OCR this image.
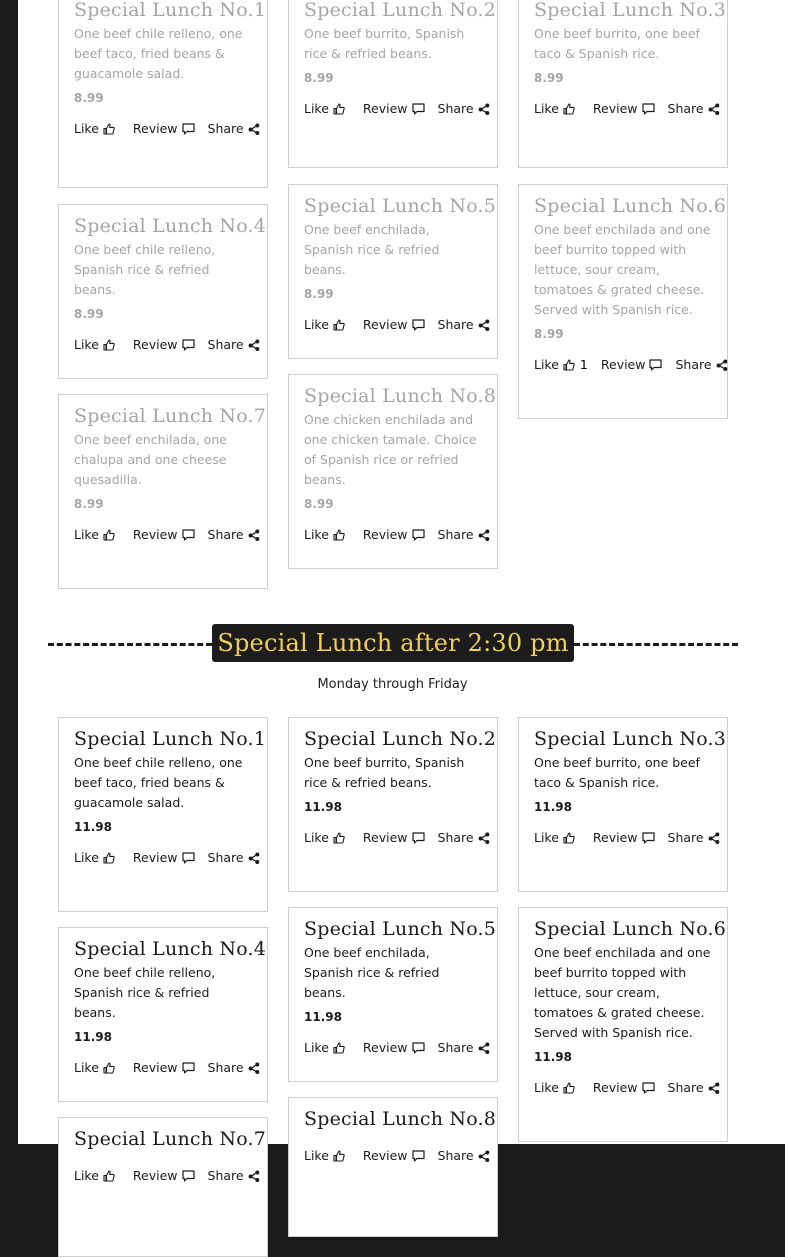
Special Lunch after 2:30 pm
Monday through Friday
Special Lunch No.1
One beef chile relleno, one beef taco, fried beans & guacamole salad.
8.99
Like	Review Share
Special Lunch No.2
One beef burrito, Spanish rice & refried beans.
8.99
Like	Review Share
Special Lunch No.3
One beef burrito, one beef taco & Spanish rice.
8.99
Like	Review Share
Special Lunch No.4
One beef chile relleno, Spanish rice & refried beans.
8.99
Like	Review Share
Special Lunch No.5
One beef enchilada, Spanish rice & refried beans.
8.99
Like	Review Share
Special Lunch No.6
One beef enchilada and one beef burrito topped with lettuce, sour cream, tomatoes & grated cheese. Served with Spanish rice.
8.99
Like 1 Review Share
Special Lunch No.7
One beef enchilada, one chalupa and one cheese quesadilla.
8.99
Like	Review Share
Special Lunch No.8
One chicken enchilada and one chicken tamale. Choice of Spanish rice or refried beans.
8.99
Like	Review Share
Special Lunch No.1
One beef chile relleno, one beef taco, fried beans & guacamole salad.
11.98
Like	Review Share
Special Lunch No.2
One beef burrito, Spanish rice & refried beans.
11.98
Like	Review Share
Special Lunch No.3
One beef burrito, one beef taco & Spanish rice.
11.98
Like	Review Share
Special Lunch No.4
One beef chile relleno, Spanish rice & refried beans.
11.98
Like	Review Share
Special Lunch No.5
One beef enchilada, Spanish rice & refried beans.
11.98
Like	Review Share
Special Lunch No.6
One beef enchilada and one beef burrito topped with lettuce, sour cream, tomatoes & grated cheese. Served with Spanish rice.
11.98
Like	Review Share
Special Lunch No.7
Like	Review Share
Special Lunch No.8
Like	Review Share
